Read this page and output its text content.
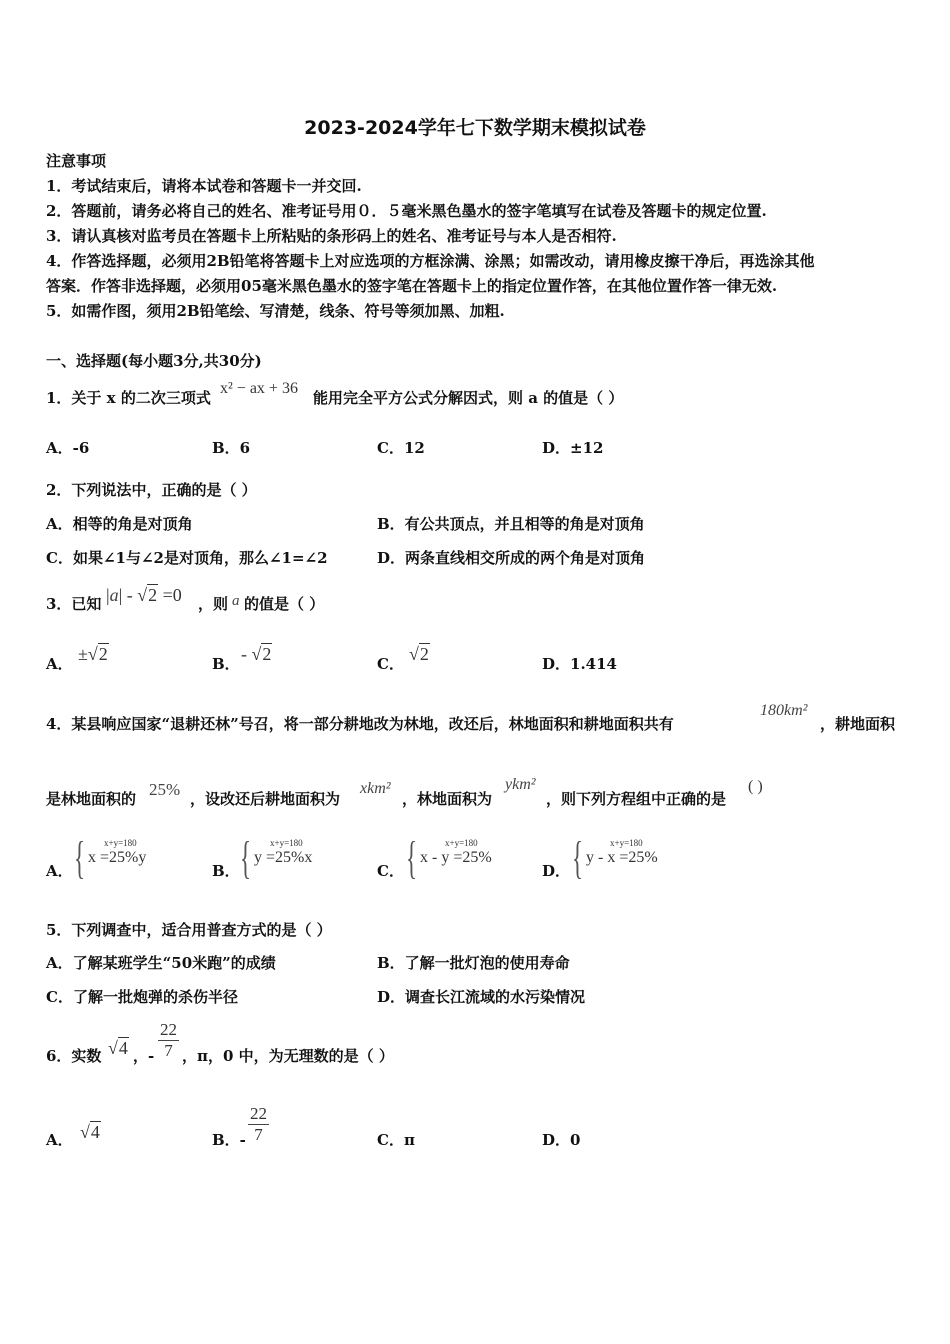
2023-2024学年七下数学期末模拟试卷
注意事项
1．考试结束后，请将本试卷和答题卡一并交回.
2．答题前，请务必将自己的姓名、准考证号用０．５毫米黑色墨水的签字笔填写在试卷及答题卡的规定位置.
3．请认真核对监考员在答题卡上所粘贴的条形码上的姓名、准考证号与本人是否相符.
4．作答选择题，必须用2B铅笔将答题卡上对应选项的方框涂满、涂黑；如需改动，请用橡皮擦干净后，再选涂其他
答案．作答非选择题，必须用05毫米黑色墨水的签字笔在答题卡上的指定位置作答，在其他位置作答一律无效.
5．如需作图，须用2B铅笔绘、写清楚，线条、符号等须加黑、加粗.
一、选择题(每小题3分,共30分)
1．关于 x 的二次三项式
x² − ax + 36
能用完全平方公式分解因式，则 a 的值是（ ）
A．-6	B．6	C．12	D．±12
2．下列说法中，正确的是（ ）
A．相等的角是对顶角	B．有公共顶点，并且相等的角是对顶角
C．如果∠1与∠2是对顶角，那么∠1=∠2	D．两条直线相交所成的两个角是对顶角
3．已知 |a| - √2 =0 ，则 a 的值是（ ）
A． ±√2	B． - √2	C． √2	D．1.414
4．某县响应国家“退耕还林”号召，将一部分耕地改为林地，改还后，林地面积和耕地面积共有
180km²
，耕地面积
是林地面积的 25% ，设改还后耕地面积为
xkm²
，林地面积为
ykm²
，则下列方程组中正确的是
( )
A． { x+y=180
x =25%y
B． { x+y=180
y =25%x
C． {	x+y=180
x - y =25%
D． {	x+y=180
y - x =25%
5．下列调查中，适合用普查方式的是（ ）
A．了解某班学生“50米跑”的成绩	B．了解一批灯泡的使用寿命
C．了解一批炮弹的杀伤半径	D．调查长江流域的水污染情况
6．实数 √4 ，- $\frac{22}{7}$ ，π，0 中，为无理数的是（ ）
A． √4	B．- $\frac{22}{7}$	C．π	D．0
